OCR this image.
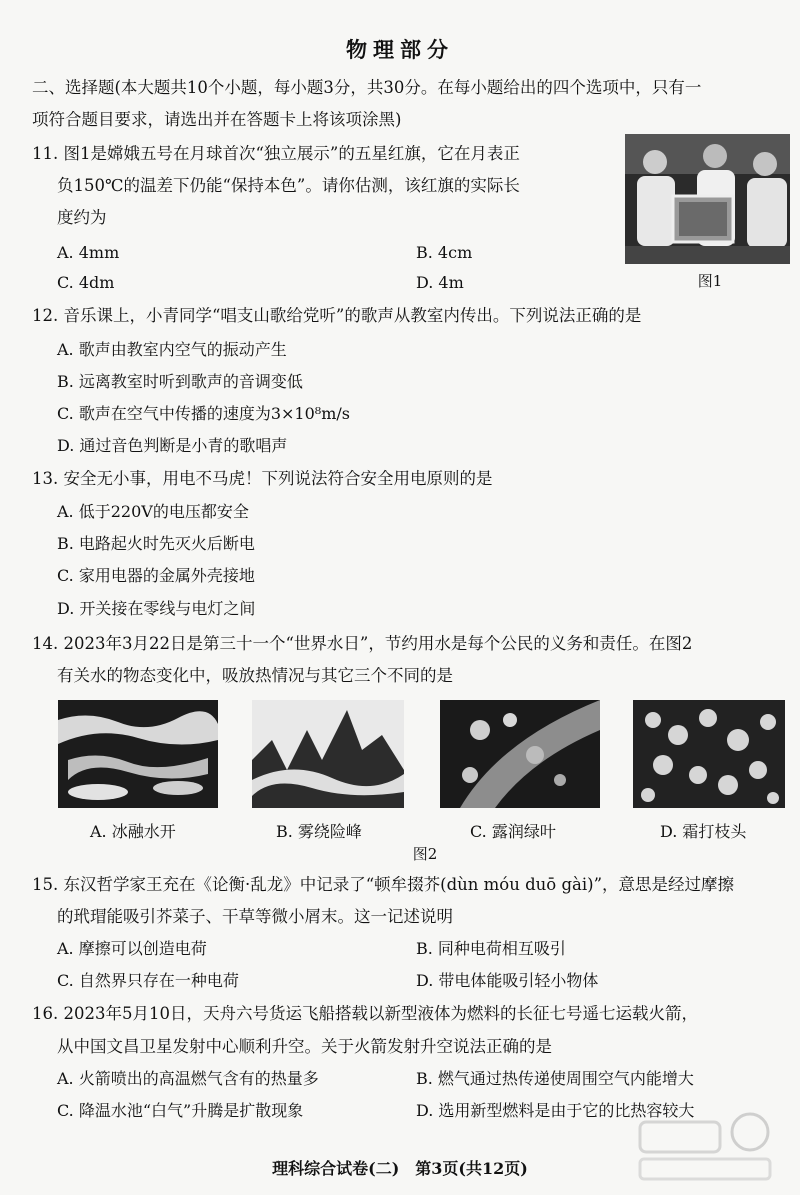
物理部分
二、选择题(本大题共10个小题，每小题3分，共30分。在每小题给出的四个选项中，只有一
项符合题目要求，请选出并在答题卡上将该项涂黑)
11. 图1是嫦娥五号在月球首次“独立展示”的五星红旗，它在月表正
负150℃的温差下仍能“保持本色”。请你估测，该红旗的实际长
度约为
A. 4mm	B. 4cm
C. 4dm	D. 4m	图1
12. 音乐课上，小青同学“唱支山歌给党听”的歌声从教室内传出。下列说法正确的是
A. 歌声由教室内空气的振动产生
B. 远离教室时听到歌声的音调变低
C. 歌声在空气中传播的速度为3×10⁸m/s
D. 通过音色判断是小青的歌唱声
13. 安全无小事，用电不马虎！下列说法符合安全用电原则的是
A. 低于220V的电压都安全
B. 电路起火时先灭火后断电
C. 家用电器的金属外壳接地
D. 开关接在零线与电灯之间
14. 2023年3月22日是第三十一个“世界水日”，节约用水是每个公民的义务和责任。在图2
有关水的物态变化中，吸放热情况与其它三个不同的是
A. 冰融水开	B. 雾绕险峰	C. 露润绿叶	D. 霜打枝头
图2
15. 东汉哲学家王充在《论衡·乱龙》中记录了“顿牟掇芥(dùn móu duō gài)”，意思是经过摩擦
的玳瑁能吸引芥菜子、干草等微小屑末。这一记述说明
A. 摩擦可以创造电荷	B. 同种电荷相互吸引
C. 自然界只存在一种电荷	D. 带电体能吸引轻小物体
16. 2023年5月10日，天舟六号货运飞船搭载以新型液体为燃料的长征七号遥七运载火箭，
从中国文昌卫星发射中心顺利升空。关于火箭发射升空说法正确的是
A. 火箭喷出的高温燃气含有的热量多	B. 燃气通过热传递使周围空气内能增大
C. 降温水池“白气”升腾是扩散现象	D. 选用新型燃料是由于它的比热容较大
理科综合试卷(二)　第3页(共12页)
